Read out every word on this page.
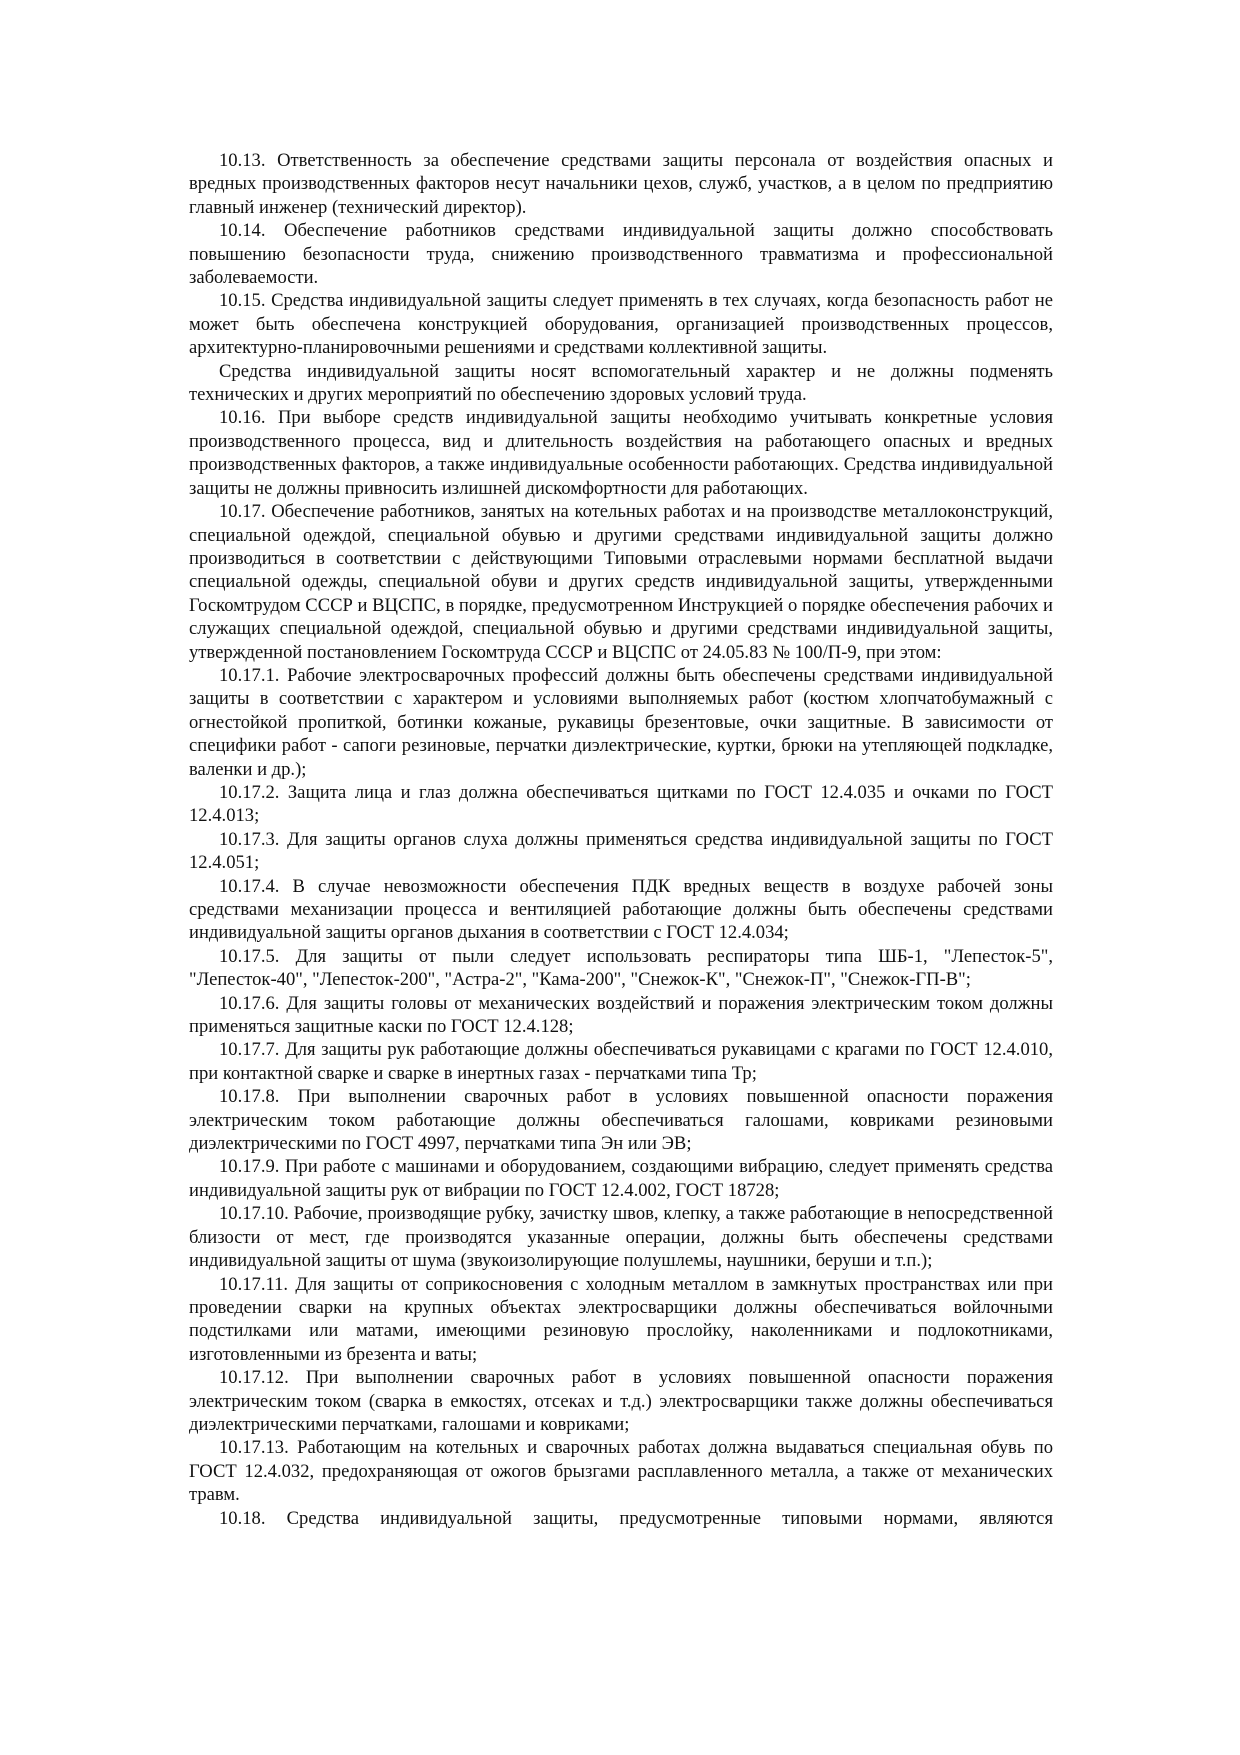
10.13. Ответственность за обеспечение средствами защиты персонала от воздействия опасных и вредных производственных факторов несут начальники цехов, служб, участков, а в целом по предприятию главный инженер (технический директор).

10.14. Обеспечение работников средствами индивидуальной защиты должно способствовать повышению безопасности труда, снижению производственного травматизма и профессиональной заболеваемости.

10.15. Средства индивидуальной защиты следует применять в тех случаях, когда безопасность работ не может быть обеспечена конструкцией оборудования, организацией производственных процессов, архитектурно-планировочными решениями и средствами коллективной защиты.

Средства индивидуальной защиты носят вспомогательный характер и не должны подменять технических и других мероприятий по обеспечению здоровых условий труда.

10.16. При выборе средств индивидуальной защиты необходимо учитывать конкретные условия производственного процесса, вид и длительность воздействия на работающего опасных и вредных производственных факторов, а также индивидуальные особенности работающих. Средства индивидуальной защиты не должны привносить излишней дискомфортности для работающих.

10.17. Обеспечение работников, занятых на котельных работах и на производстве металлоконструкций, специальной одеждой, специальной обувью и другими средствами индивидуальной защиты должно производиться в соответствии с действующими Типовыми отраслевыми нормами бесплатной выдачи специальной одежды, специальной обуви и других средств индивидуальной защиты, утвержденными Госкомтрудом СССР и ВЦСПС, в порядке, предусмотренном Инструкцией о порядке обеспечения рабочих и служащих специальной одеждой, специальной обувью и другими средствами индивидуальной защиты, утвержденной постановлением Госкомтруда СССР и ВЦСПС от 24.05.83 № 100/П-9, при этом:

10.17.1. Рабочие электросварочных профессий должны быть обеспечены средствами индивидуальной защиты в соответствии с характером и условиями выполняемых работ (костюм хлопчатобумажный с огнестойкой пропиткой, ботинки кожаные, рукавицы брезентовые, очки защитные. В зависимости от специфики работ - сапоги резиновые, перчатки диэлектрические, куртки, брюки на утепляющей подкладке, валенки и др.);

10.17.2. Защита лица и глаз должна обеспечиваться щитками по ГОСТ 12.4.035 и очками по ГОСТ 12.4.013;

10.17.3. Для защиты органов слуха должны применяться средства индивидуальной защиты по ГОСТ 12.4.051;

10.17.4. В случае невозможности обеспечения ПДК вредных веществ в воздухе рабочей зоны средствами механизации процесса и вентиляцией работающие должны быть обеспечены средствами индивидуальной защиты органов дыхания в соответствии с ГОСТ 12.4.034;

10.17.5. Для защиты от пыли следует использовать респираторы типа ШБ-1, "Лепесток-5", "Лепесток-40", "Лепесток-200", "Астра-2", "Кама-200", "Снежок-К", "Снежок-П", "Снежок-ГП-В";

10.17.6. Для защиты головы от механических воздействий и поражения электрическим током должны применяться защитные каски по ГОСТ 12.4.128;

10.17.7. Для защиты рук работающие должны обеспечиваться рукавицами с крагами по ГОСТ 12.4.010, при контактной сварке и сварке в инертных газах - перчатками типа Тр;

10.17.8. При выполнении сварочных работ в условиях повышенной опасности поражения электрическим током работающие должны обеспечиваться галошами, ковриками резиновыми диэлектрическими по ГОСТ 4997, перчатками типа Эн или ЭВ;

10.17.9. При работе с машинами и оборудованием, создающими вибрацию, следует применять средства индивидуальной защиты рук от вибрации по ГОСТ 12.4.002, ГОСТ 18728;

10.17.10. Рабочие, производящие рубку, зачистку швов, клепку, а также работающие в непосредственной близости от мест, где производятся указанные операции, должны быть обеспечены средствами индивидуальной защиты от шума (звукоизолирующие полушлемы, наушники, беруши и т.п.);

10.17.11. Для защиты от соприкосновения с холодным металлом в замкнутых пространствах или при проведении сварки на крупных объектах электросварщики должны обеспечиваться войлочными подстилками или матами, имеющими резиновую прослойку, наколенниками и подлокотниками, изготовленными из брезента и ваты;

10.17.12. При выполнении сварочных работ в условиях повышенной опасности поражения электрическим током (сварка в емкостях, отсеках и т.д.) электросварщики также должны обеспечиваться диэлектрическими перчатками, галошами и ковриками;

10.17.13. Работающим на котельных и сварочных работах должна выдаваться специальная обувь по ГОСТ 12.4.032, предохраняющая от ожогов брызгами расплавленного металла, а также от механических травм.

10.18. Средства индивидуальной защиты, предусмотренные типовыми нормами, являются
